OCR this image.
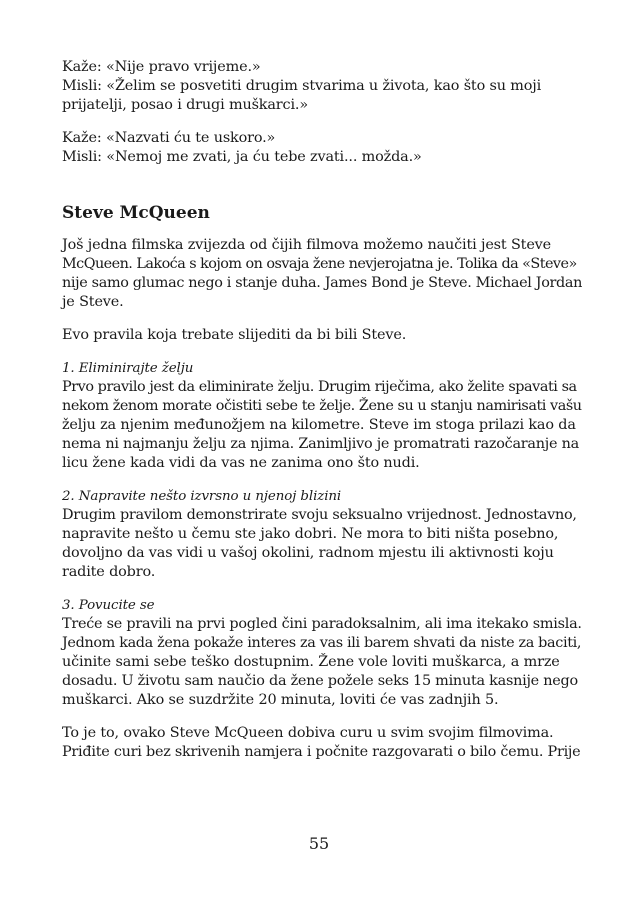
Kaže: «Nije pravo vrijeme.»
Misli: «Želim se posvetiti drugim stvarima u života, kao što su moji
prijatelji, posao i drugi muškarci.»
Kaže: «Nazvati ću te uskoro.»
Misli: «Nemoj me zvati, ja ću tebe zvati... možda.»
Steve McQueen
Još jedna filmska zvijezda od čijih filmova možemo naučiti jest Steve
McQueen. Lakoća s kojom on osvaja žene nevjerojatna je. Tolika da «Steve»
nije samo glumac nego i stanje duha. James Bond je Steve. Michael Jordan
je Steve.
Evo pravila koja trebate slijediti da bi bili Steve.
1. Eliminirajte želju
Prvo pravilo jest da eliminirate želju. Drugim riječima, ako želite spavati sa
nekom ženom morate očistiti sebe te želje. Žene su u stanju namirisati vašu
želju za njenim međunožjem na kilometre. Steve im stoga prilazi kao da
nema ni najmanju želju za njima. Zanimljivo je promatrati razočaranje na
licu žene kada vidi da vas ne zanima ono što nudi.
2. Napravite nešto izvrsno u njenoj blizini
Drugim pravilom demonstrirate svoju seksualno vrijednost. Jednostavno,
napravite nešto u čemu ste jako dobri. Ne mora to biti ništa posebno,
dovoljno da vas vidi u vašoj okolini, radnom mjestu ili aktivnosti koju
radite dobro.
3. Povucite se
Treće se pravili na prvi pogled čini paradoksalnim, ali ima itekako smisla.
Jednom kada žena pokaže interes za vas ili barem shvati da niste za baciti,
učinite sami sebe teško dostupnim. Žene vole loviti muškarca, a mrze
dosadu. U životu sam naučio da žene požele seks 15 minuta kasnije nego
muškarci. Ako se suzdržite 20 minuta, loviti će vas zadnjih 5.
To je to, ovako Steve McQueen dobiva curu u svim svojim filmovima.
Priđite curi bez skrivenih namjera i počnite razgovarati o bilo čemu. Prije
55
